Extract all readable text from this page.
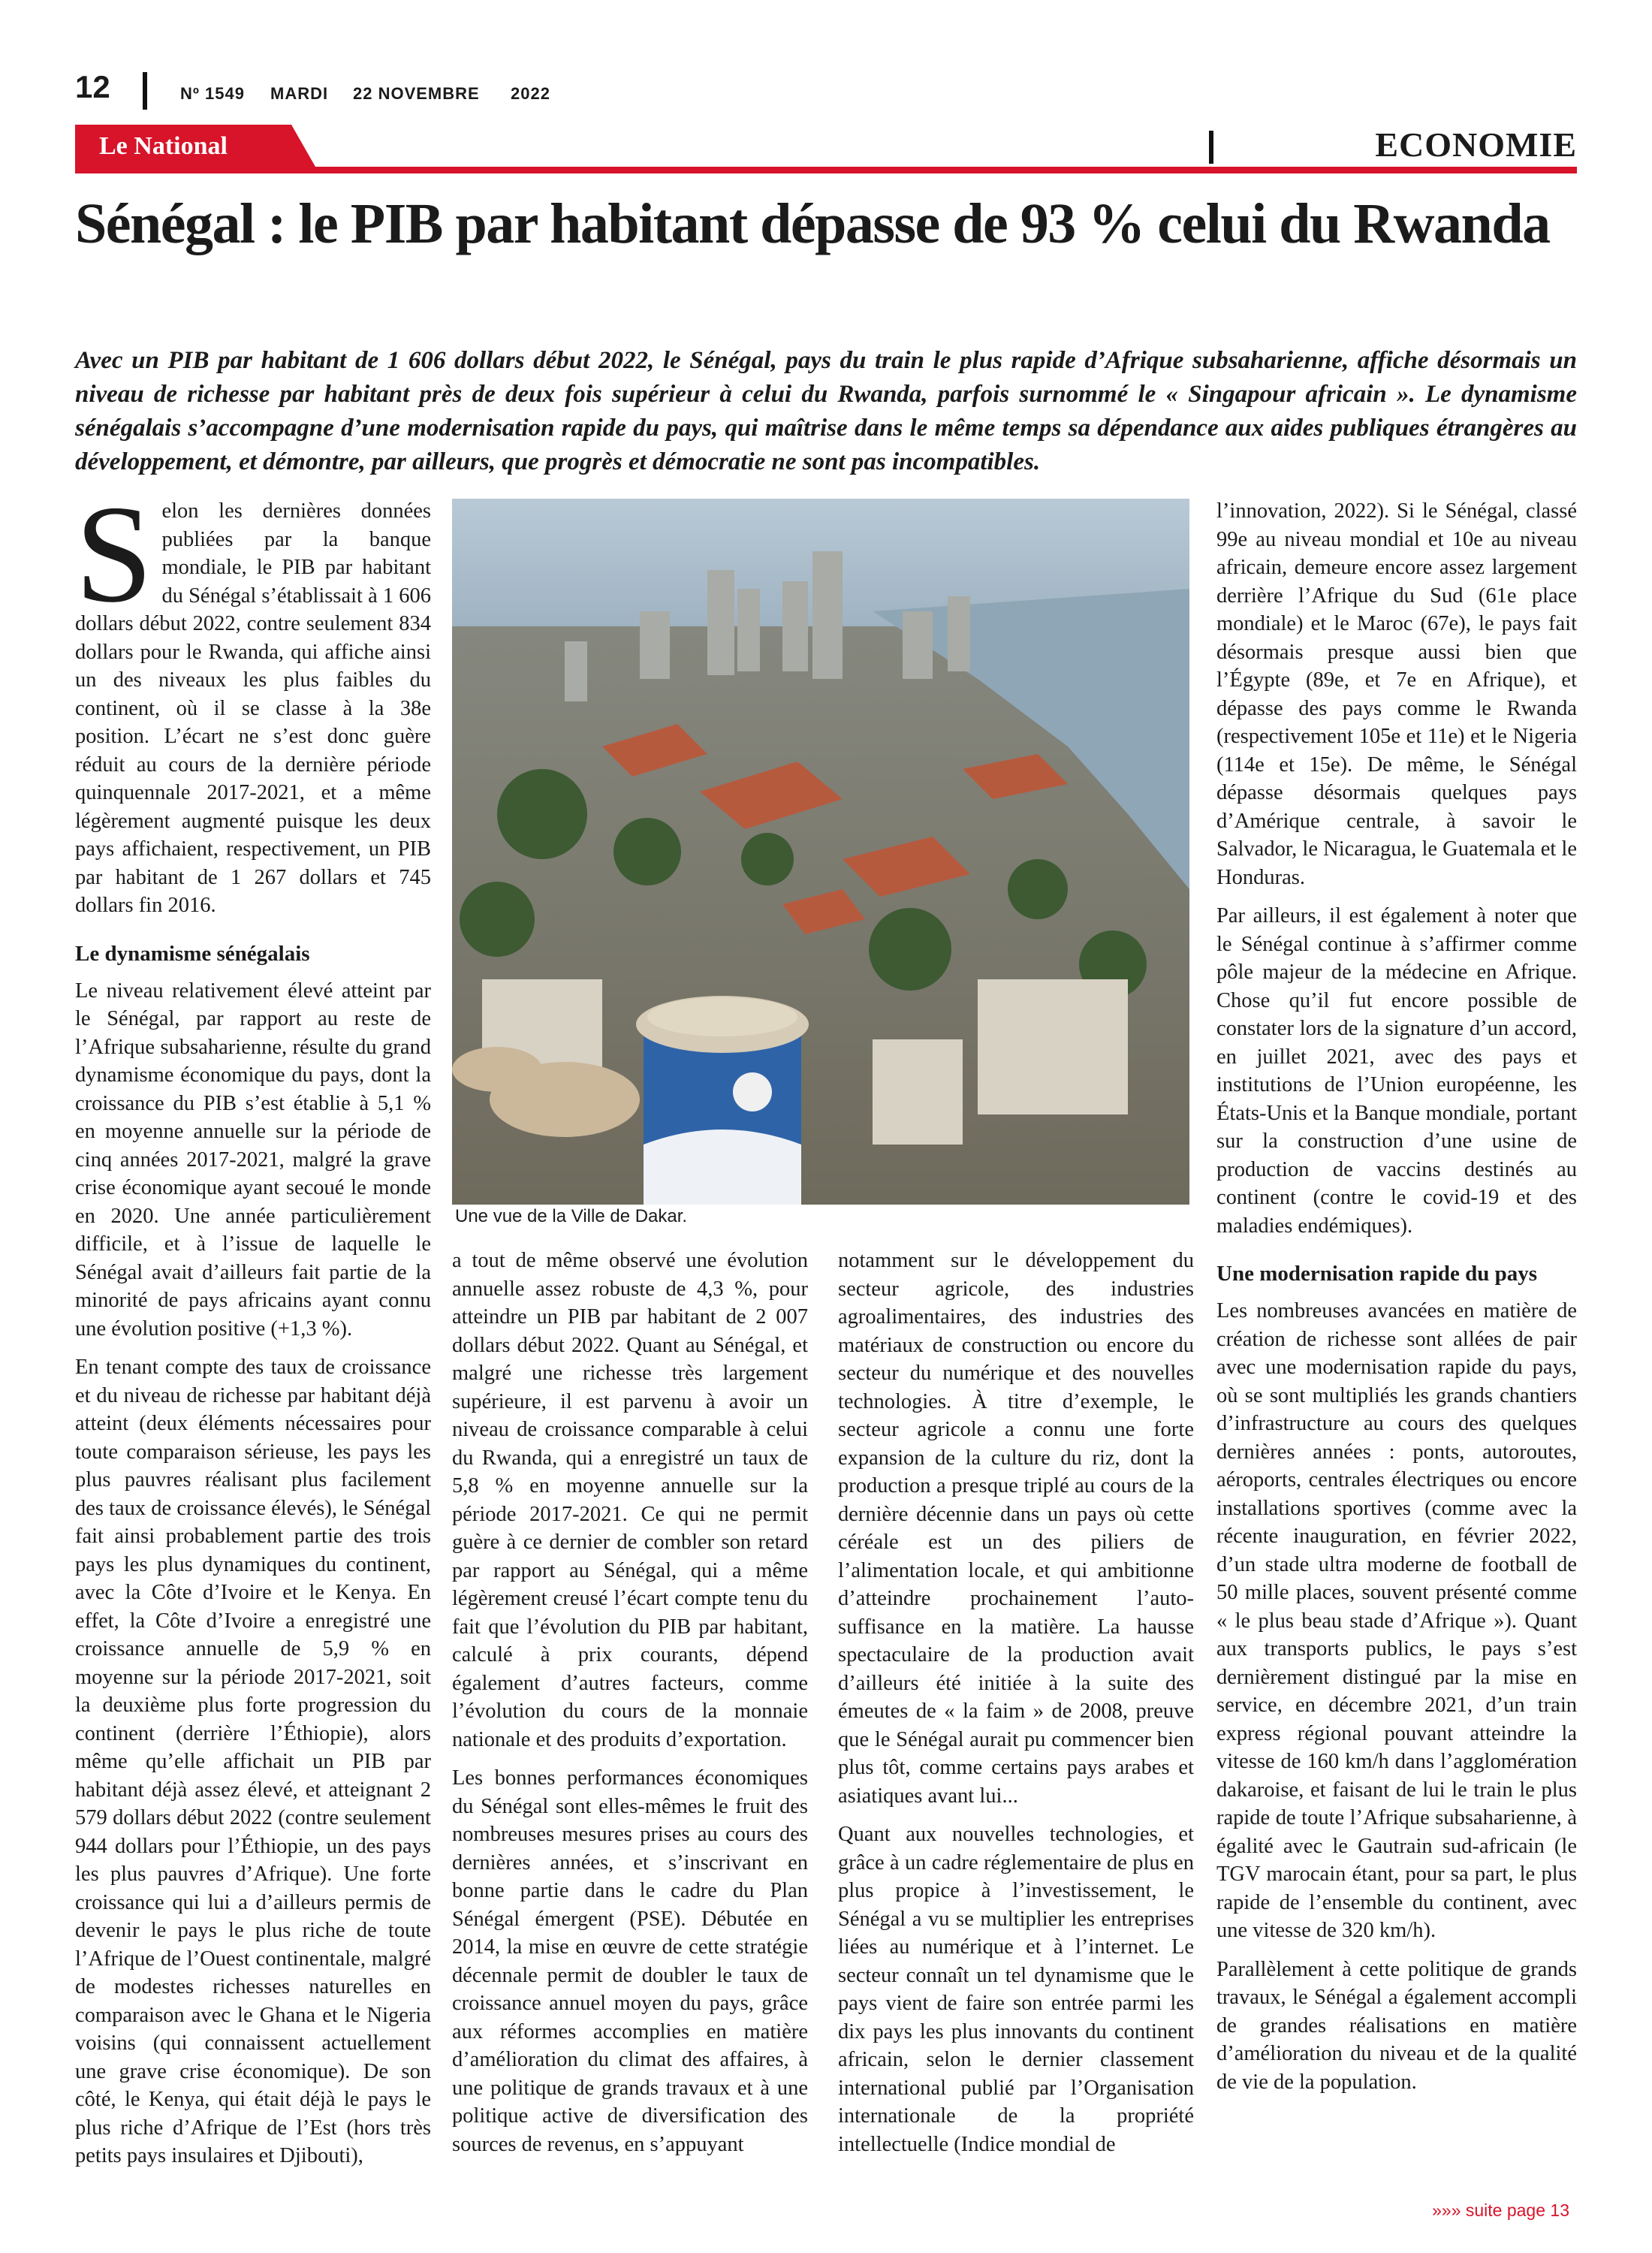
12	Nº 1549 MARDI 22 NOVEMBRE 2022
Le National	ECONOMIE
Sénégal : le PIB par habitant dépasse de 93 % celui du Rwanda
Avec un PIB par habitant de 1 606 dollars début 2022, le Sénégal, pays du train le plus rapide d’Afrique subsaharienne, affiche désormais un niveau de richesse par habitant près de deux fois supérieur à celui du Rwanda, parfois surnommé le « Singapour africain ». Le dynamisme sénégalais s’accompagne d’une modernisation rapide du pays, qui maîtrise dans le même temps sa dépendance aux aides publiques étrangères au développement, et démontre, par ailleurs, que progrès et démocratie ne sont pas incompatibles.

Selon les dernières données publiées par la banque mondiale, le PIB par habitant du Sénégal s’établissait à 1 606 dollars début 2022, contre seulement 834 dollars pour le Rwanda, qui affiche ainsi un des niveaux les plus faibles du continent, où il se classe à la 38e position. L’écart ne s’est donc guère réduit au cours de la dernière période quinquennale 2017-2021, et a même légèrement augmenté puisque les deux pays affichaient, respectivement, un PIB par habitant de 1 267 dollars et 745 dollars fin 2016.

Le dynamisme sénégalais

Le niveau relativement élevé atteint par le Sénégal, par rapport au reste de l’Afrique subsaharienne, résulte du grand dynamisme économique du pays, dont la croissance du PIB s’est établie à 5,1 % en moyenne annuelle sur la période de cinq années 2017-2021, malgré la grave crise économique ayant secoué le monde en 2020. Une année particulièrement difficile, et à l’issue de laquelle le Sénégal avait d’ailleurs fait partie de la minorité de pays africains ayant connu une évolution positive (+1,3 %).

En tenant compte des taux de croissance et du niveau de richesse par habitant déjà atteint (deux éléments nécessaires pour toute comparaison sérieuse, les pays les plus pauvres réalisant plus facilement des taux de croissance élevés), le Sénégal fait ainsi probablement partie des trois pays les plus dynamiques du continent, avec la Côte d’Ivoire et le Kenya. En effet, la Côte d’Ivoire a enregistré une croissance annuelle de 5,9 % en moyenne sur la période 2017-2021, soit la deuxième plus forte progression du continent (derrière l’Éthiopie), alors même qu’elle affichait un PIB par habitant déjà assez élevé, et atteignant 2 579 dollars début 2022 (contre seulement 944 dollars pour l’Éthiopie, un des pays les plus pauvres d’Afrique). Une forte croissance qui lui a d’ailleurs permis de devenir le pays le plus riche de toute l’Afrique de l’Ouest continentale, malgré de modestes richesses naturelles en comparaison avec le Ghana et le Nigeria voisins (qui connaissent actuellement une grave crise économique). De son côté, le Kenya, qui était déjà le pays le plus riche d’Afrique de l’Est (hors très petits pays insulaires et Djibouti),

Une vue de la Ville de Dakar.

a tout de même observé une évolution annuelle assez robuste de 4,3 %, pour atteindre un PIB par habitant de 2 007 dollars début 2022. Quant au Sénégal, et malgré une richesse très largement supérieure, il est parvenu à avoir un niveau de croissance comparable à celui du Rwanda, qui a enregistré un taux de 5,8 % en moyenne annuelle sur la période 2017-2021. Ce qui ne permit guère à ce dernier de combler son retard par rapport au Sénégal, qui a même légèrement creusé l’écart compte tenu du fait que l’évolution du PIB par habitant, calculé à prix courants, dépend également d’autres facteurs, comme l’évolution du cours de la monnaie nationale et des produits d’exportation.

Les bonnes performances économiques du Sénégal sont elles-mêmes le fruit des nombreuses mesures prises au cours des dernières années, et s’inscrivant en bonne partie dans le cadre du Plan Sénégal émergent (PSE). Débutée en 2014, la mise en œuvre de cette stratégie décennale permit de doubler le taux de croissance annuel moyen du pays, grâce aux réformes accomplies en matière d’amélioration du climat des affaires, à une politique de grands travaux et à une politique active de diversification des sources de revenus, en s’appuyant

notamment sur le développement du secteur agricole, des industries agroalimentaires, des industries des matériaux de construction ou encore du secteur du numérique et des nouvelles technologies. À titre d’exemple, le secteur agricole a connu une forte expansion de la culture du riz, dont la production a presque triplé au cours de la dernière décennie dans un pays où cette céréale est un des piliers de l’alimentation locale, et qui ambitionne d’atteindre prochainement l’auto-suffisance en la matière. La hausse spectaculaire de la production avait d’ailleurs été initiée à la suite des émeutes de « la faim » de 2008, preuve que le Sénégal aurait pu commencer bien plus tôt, comme certains pays arabes et asiatiques avant lui...

Quant aux nouvelles technologies, et grâce à un cadre réglementaire de plus en plus propice à l’investissement, le Sénégal a vu se multiplier les entreprises liées au numérique et à l’internet. Le secteur connaît un tel dynamisme que le pays vient de faire son entrée parmi les dix pays les plus innovants du continent africain, selon le dernier classement international publié par l’Organisation internationale de la propriété intellectuelle (Indice mondial de

l’innovation, 2022). Si le Sénégal, classé 99e au niveau mondial et 10e au niveau africain, demeure encore assez largement derrière l’Afrique du Sud (61e place mondiale) et le Maroc (67e), le pays fait désormais presque aussi bien que l’Égypte (89e, et 7e en Afrique), et dépasse des pays comme le Rwanda (respectivement 105e et 11e) et le Nigeria (114e et 15e). De même, le Sénégal dépasse désormais quelques pays d’Amérique centrale, à savoir le Salvador, le Nicaragua, le Guatemala et le Honduras.

Par ailleurs, il est également à noter que le Sénégal continue à s’affirmer comme pôle majeur de la médecine en Afrique. Chose qu’il fut encore possible de constater lors de la signature d’un accord, en juillet 2021, avec des pays et institutions de l’Union européenne, les États-Unis et la Banque mondiale, portant sur la construction d’une usine de production de vaccins destinés au continent (contre le covid-19 et des maladies endémiques).

Une modernisation rapide du pays

Les nombreuses avancées en matière de création de richesse sont allées de pair avec une modernisation rapide du pays, où se sont multipliés les grands chantiers d’infrastructure au cours des quelques dernières années : ponts, autoroutes, aéroports, centrales électriques ou encore installations sportives (comme avec la récente inauguration, en février 2022, d’un stade ultra moderne de football de 50 mille places, souvent présenté comme « le plus beau stade d’Afrique »). Quant aux transports publics, le pays s’est dernièrement distingué par la mise en service, en décembre 2021, d’un train express régional pouvant atteindre la vitesse de 160 km/h dans l’agglomération dakaroise, et faisant de lui le train le plus rapide de toute l’Afrique subsaharienne, à égalité avec le Gautrain sud-africain (le TGV marocain étant, pour sa part, le plus rapide de l’ensemble du continent, avec une vitesse de 320 km/h).

Parallèlement à cette politique de grands travaux, le Sénégal a également accompli de grandes réalisations en matière d’amélioration du niveau et de la qualité de vie de la population.

»»» suite page 13
